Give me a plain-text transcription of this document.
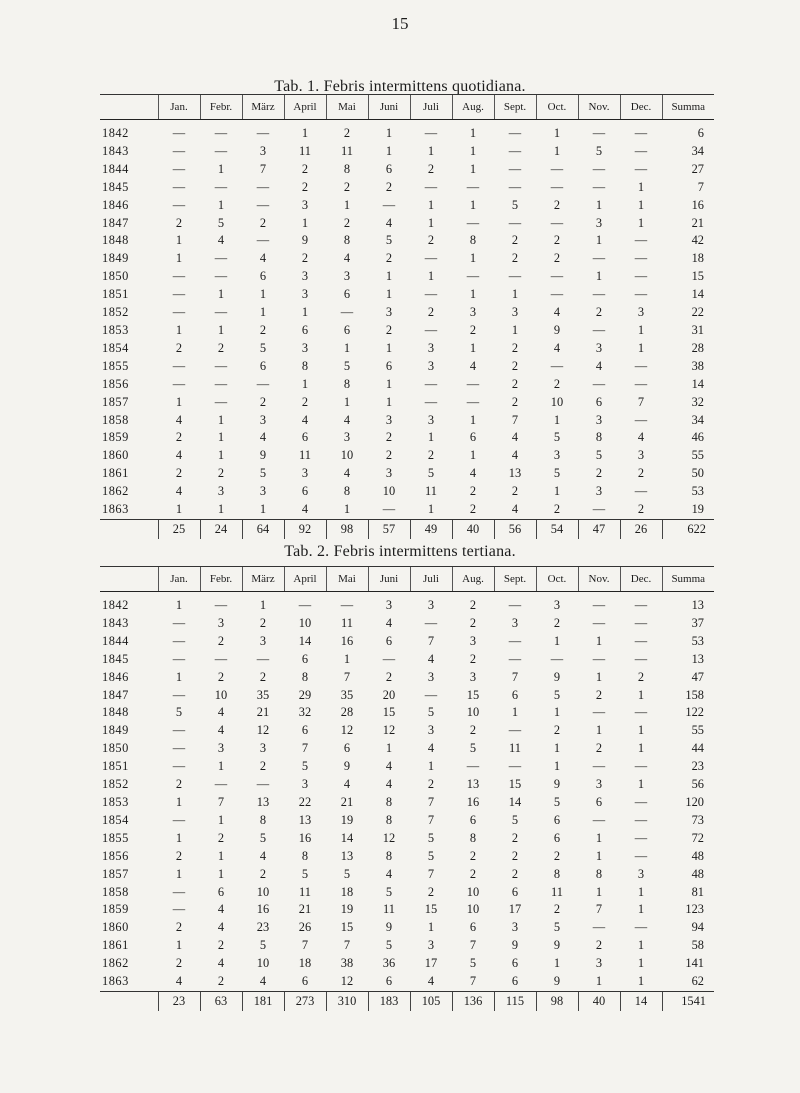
15
Tab. 1. Febris intermittens quotidiana.
	Jan.	Febr.	März	April	Mai	Juni	Juli	Aug.	Sept.	Oct.	Nov.	Dec.	Summa
1842	—	—	—	1	2	1	—	1	—	1	—	—	6
1843	—	—	3	11	11	1	1	1	—	1	5	—	34
1844	—	1	7	2	8	6	2	1	—	—	—	—	27
1845	—	—	—	2	2	2	—	—	—	—	—	1	7
1846	—	1	—	3	1	—	1	1	5	2	1	1	16
1847	2	5	2	1	2	4	1	—	—	—	3	1	21
1848	1	4	—	9	8	5	2	8	2	2	1	—	42
1849	1	—	4	2	4	2	—	1	2	2	—	—	18
1850	—	—	6	3	3	1	1	—	—	—	1	—	15
1851	—	1	1	3	6	1	—	1	1	—	—	—	14
1852	—	—	1	1	—	3	2	3	3	4	2	3	22
1853	1	1	2	6	6	2	—	2	1	9	—	1	31
1854	2	2	5	3	1	1	3	1	2	4	3	1	28
1855	—	—	6	8	5	6	3	4	2	—	4	—	38
1856	—	—	—	1	8	1	—	—	2	2	—	—	14
1857	1	—	2	2	1	1	—	—	2	10	6	7	32
1858	4	1	3	4	4	3	3	1	7	1	3	—	34
1859	2	1	4	6	3	2	1	6	4	5	8	4	46
1860	4	1	9	11	10	2	2	1	4	3	5	3	55
1861	2	2	5	3	4	3	5	4	13	5	2	2	50
1862	4	3	3	6	8	10	11	2	2	1	3	—	53
1863	1	1	1	4	1	—	1	2	4	2	—	2	19
	25	24	64	92	98	57	49	40	56	54	47	26	622
Tab. 2. Febris intermittens tertiana.
	Jan.	Febr.	März	April	Mai	Juni	Juli	Aug.	Sept.	Oct.	Nov.	Dec.	Summa
1842	1	—	1	—	—	3	3	2	—	3	—	—	13
1843	—	3	2	10	11	4	—	2	3	2	—	—	37
1844	—	2	3	14	16	6	7	3	—	1	1	—	53
1845	—	—	—	6	1	—	4	2	—	—	—	—	13
1846	1	2	2	8	7	2	3	3	7	9	1	2	47
1847	—	10	35	29	35	20	—	15	6	5	2	1	158
1848	5	4	21	32	28	15	5	10	1	1	—	—	122
1849	—	4	12	6	12	12	3	2	—	2	1	1	55
1850	—	3	3	7	6	1	4	5	11	1	2	1	44
1851	—	1	2	5	9	4	1	—	—	1	—	—	23
1852	2	—	—	3	4	4	2	13	15	9	3	1	56
1853	1	7	13	22	21	8	7	16	14	5	6	—	120
1854	—	1	8	13	19	8	7	6	5	6	—	—	73
1855	1	2	5	16	14	12	5	8	2	6	1	—	72
1856	2	1	4	8	13	8	5	2	2	2	1	—	48
1857	1	1	2	5	5	4	7	2	2	8	8	3	48
1858	—	6	10	11	18	5	2	10	6	11	1	1	81
1859	—	4	16	21	19	11	15	10	17	2	7	1	123
1860	2	4	23	26	15	9	1	6	3	5	—	—	94
1861	1	2	5	7	7	5	3	7	9	9	2	1	58
1862	2	4	10	18	38	36	17	5	6	1	3	1	141
1863	4	2	4	6	12	6	4	7	6	9	1	1	62
	23	63	181	273	310	183	105	136	115	98	40	14	1541
